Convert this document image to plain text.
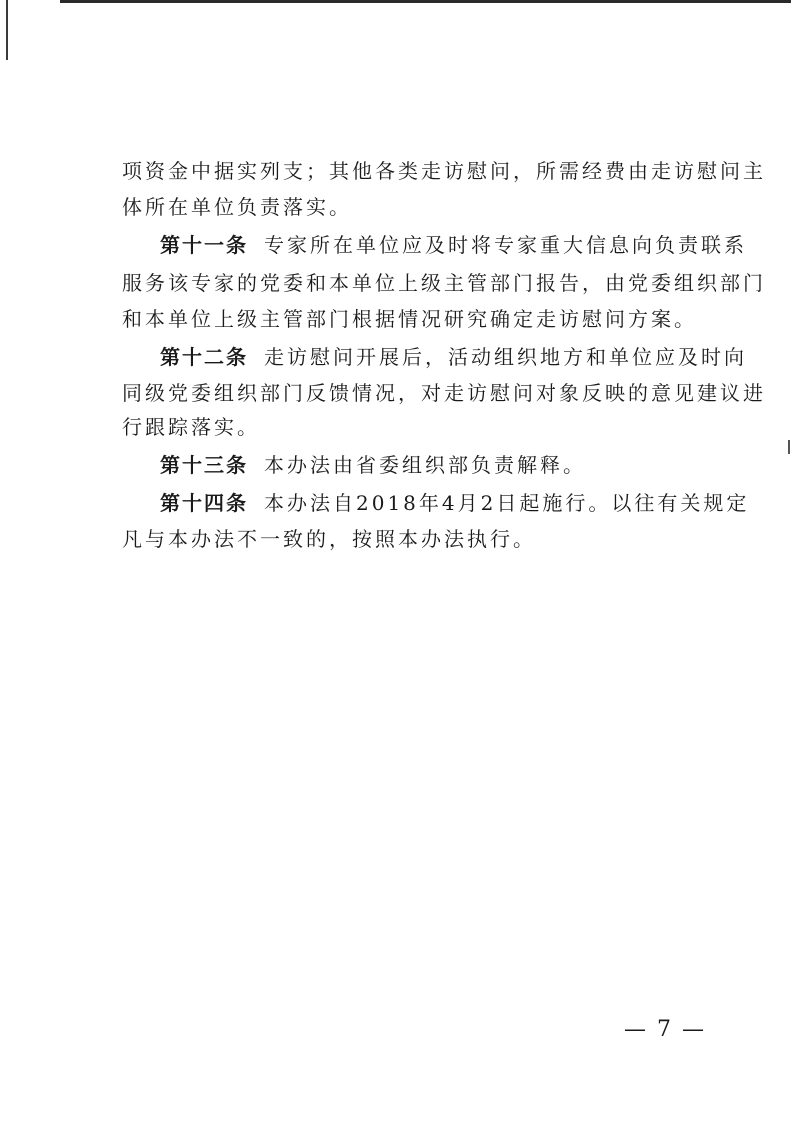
项资金中据实列支；其他各类走访慰问，所需经费由走访慰问主
体所在单位负责落实。
第十一条 专家所在单位应及时将专家重大信息向负责联系
服务该专家的党委和本单位上级主管部门报告，由党委组织部门
和本单位上级主管部门根据情况研究确定走访慰问方案。
第十二条 走访慰问开展后，活动组织地方和单位应及时向
同级党委组织部门反馈情况，对走访慰问对象反映的意见建议进
行跟踪落实。
第十三条 本办法由省委组织部负责解释。
第十四条 本办法自2018年4月2日起施行。以往有关规定
凡与本办法不一致的，按照本办法执行。
— 7 —
